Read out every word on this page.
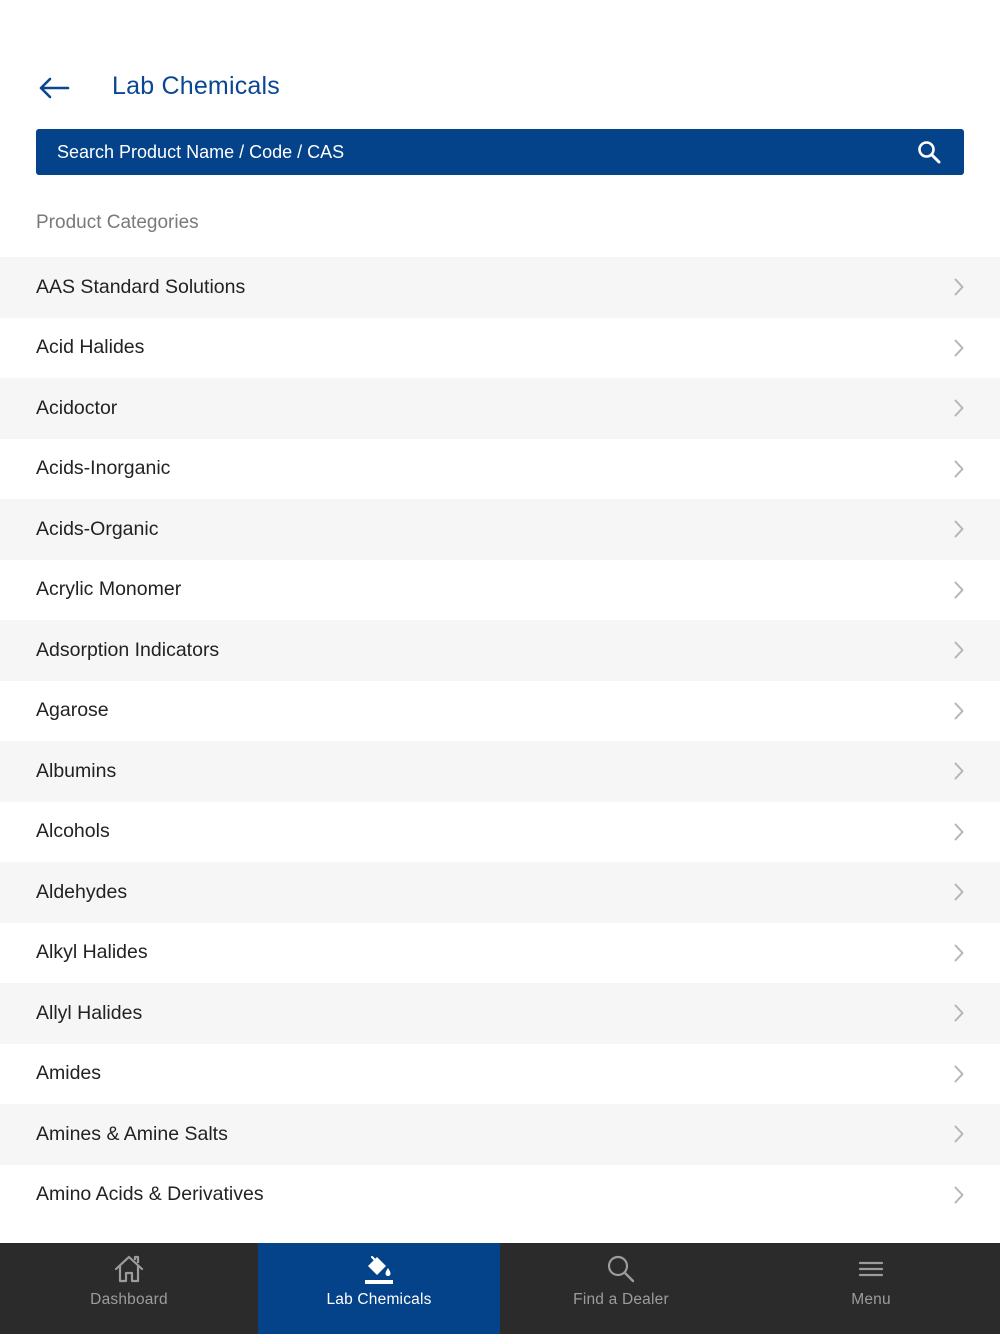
Lab Chemicals
Search Product Name / Code / CAS
Product Categories
AAS Standard Solutions
Acid Halides
Acidoctor
Acids-Inorganic
Acids-Organic
Acrylic Monomer
Adsorption Indicators
Agarose
Albumins
Alcohols
Aldehydes
Alkyl Halides
Allyl Halides
Amides
Amines & Amine Salts
Amino Acids & Derivatives
Dashboard	Lab Chemicals	Find a Dealer	Menu
